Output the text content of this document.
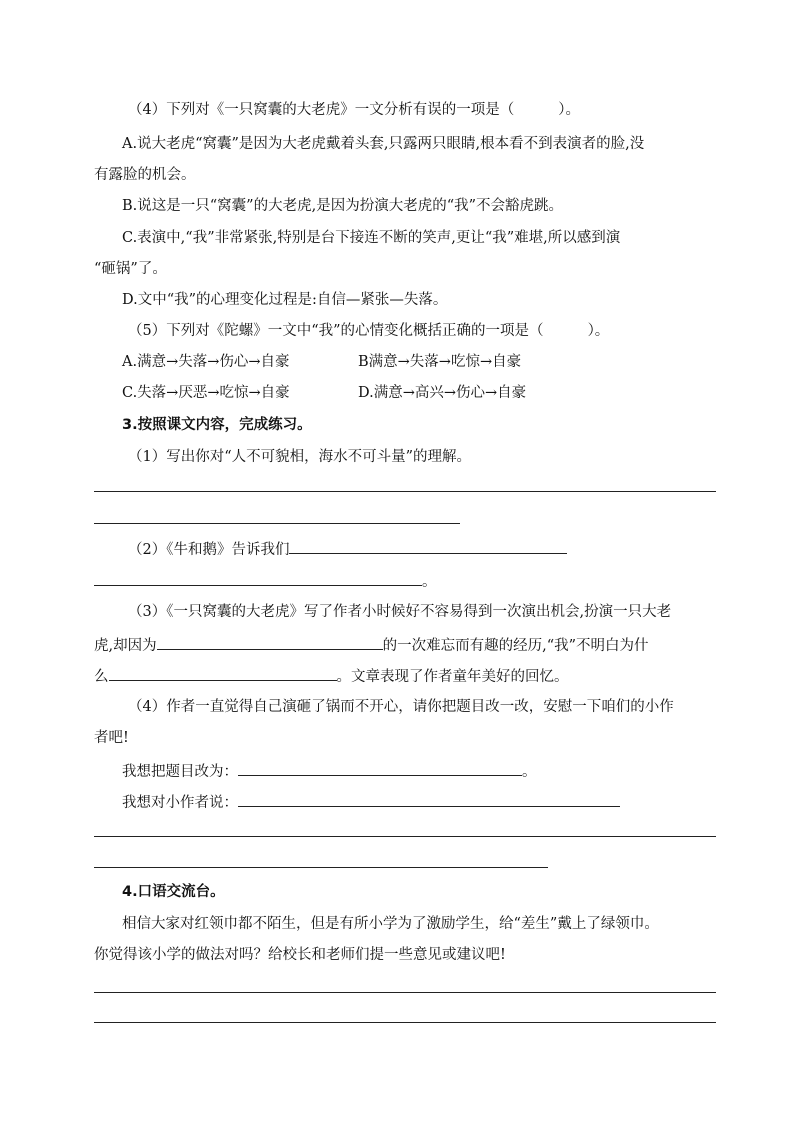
（4）下列对《一只窝囊的大老虎》一文分析有误的一项是（	）。
A.说大老虎“窝囊”是因为大老虎戴着头套,只露两只眼睛,根本看不到表演者的脸,没
有露脸的机会。
B.说这是一只“窝囊”的大老虎,是因为扮演大老虎的“我”不会豁虎跳。
C.表演中,“我”非常紧张,特别是台下接连不断的笑声,更让“我”难堪,所以感到演
“砸锅”了。
D.文中“我”的心理变化过程是:自信—紧张—失落。
（5）下列对《陀螺》一文中“我”的心情变化概括正确的一项是（	）。
A.满意→失落→伤心→自豪	B满意→失落→吃惊→自豪
C.失落→厌恶→吃惊→自豪	D.满意→高兴→伤心→自豪
3.按照课文内容，完成练习。
（1）写出你对“人不可貌相，海水不可斗量”的理解。
（2）《牛和鹅》告诉我们
。
（3）《一只窝囊的大老虎》写了作者小时候好不容易得到一次演出机会,扮演一只大老
虎,却因为	的一次难忘而有趣的经历,“我”不明白为什
么	。文章表现了作者童年美好的回忆。
（4）作者一直觉得自己演砸了锅而不开心，请你把题目改一改，安慰一下咱们的小作
者吧!
我想把题目改为：	。
我想对小作者说：
4.口语交流台。
相信大家对红领巾都不陌生，但是有所小学为了激励学生，给“差生”戴上了绿领巾。
你觉得该小学的做法对吗？给校长和老师们提一些意见或建议吧!
